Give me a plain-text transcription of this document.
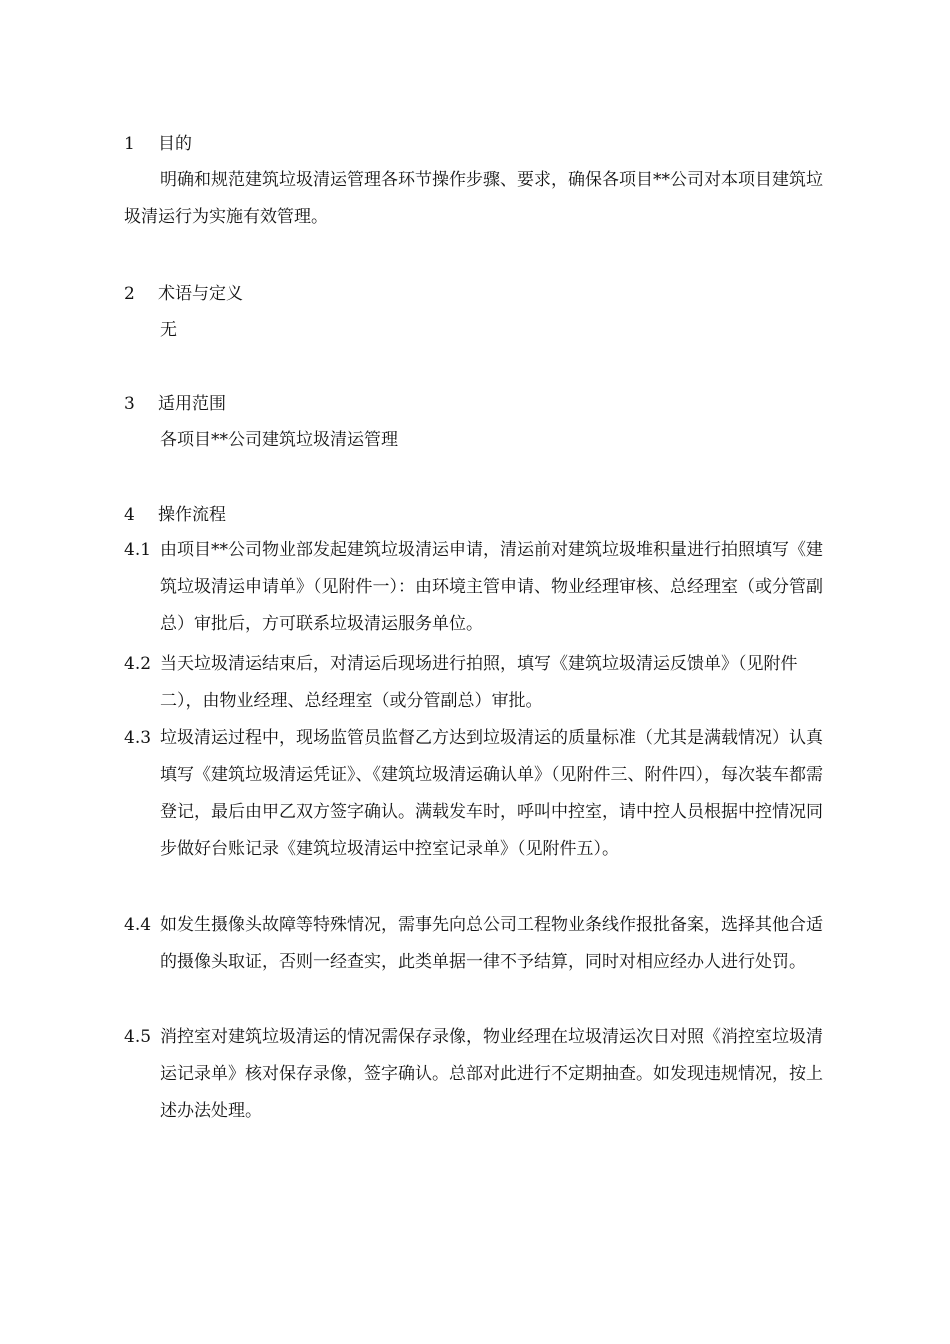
1 目的

明确和规范建筑垃圾清运管理各环节操作步骤、要求，确保各项目**公司对本项目建筑垃圾清运行为实施有效管理。

2 术语与定义
无
3 适用范围
各项目**公司建筑垃圾清运管理
4 操作流程

4.1 由项目**公司物业部发起建筑垃圾清运申请，清运前对建筑垃圾堆积量进行拍照填写《建筑垃圾清运申请单》（见附件一）：由环境主管申请、物业经理审核、总经理室（或分管副总）审批后，方可联系垃圾清运服务单位。

4.2 当天垃圾清运结束后，对清运后现场进行拍照，填写《建筑垃圾清运反馈单》（见附件二），由物业经理、总经理室（或分管副总）审批。

4.3 垃圾清运过程中，现场监管员监督乙方达到垃圾清运的质量标准（尤其是满载情况）认真填写《建筑垃圾清运凭证》、《建筑垃圾清运确认单》（见附件三、附件四），每次装车都需登记，最后由甲乙双方签字确认。满载发车时，呼叫中控室，请中控人员根据中控情况同步做好台账记录《建筑垃圾清运中控室记录单》（见附件五）。

4.4 如发生摄像头故障等特殊情况，需事先向总公司工程物业条线作报批备案，选择其他合适的摄像头取证，否则一经查实，此类单据一律不予结算，同时对相应经办人进行处罚。

4.5 消控室对建筑垃圾清运的情况需保存录像，物业经理在垃圾清运次日对照《消控室垃圾清运记录单》核对保存录像，签字确认。总部对此进行不定期抽查。如发现违规情况，按上述办法处理。
